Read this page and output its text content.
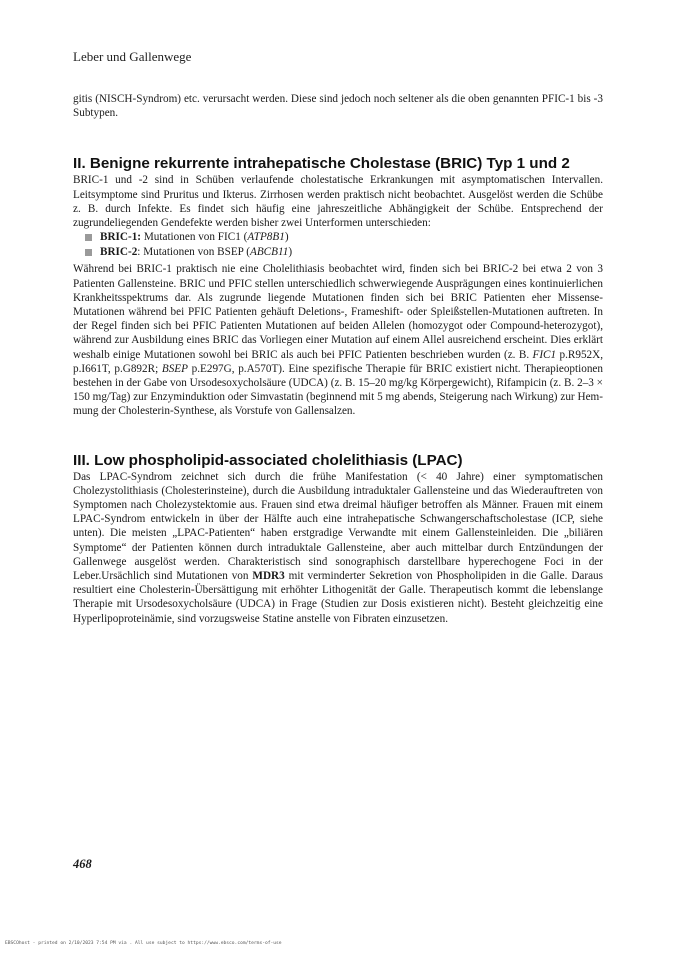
Leber und Gallenwege

gitis (NISCH-Syndrom) etc. verursacht werden. Diese sind jedoch noch seltener als die oben genannten PFIC-1 bis -3 Subtypen.

II. Benigne rekurrente intrahepatische Cholestase (BRIC) Typ 1 und 2

BRIC-1 und -2 sind in Schüben verlaufende cholestatische Erkrankungen mit asymptomatischen Intervallen. Leitsymptome sind Pruritus und Ikterus. Zirrhosen werden praktisch nicht beobachtet. Ausgelöst werden die Schübe z. B. durch Infekte. Es findet sich häufig eine jahreszeitliche Abhängigkeit der Schübe. Entsprechend der zugrundeliegenden Gendefekte werden bisher zwei Unterformen unterschieden:

BRIC-1: Mutationen von FIC1 (ATP8B1)
BRIC-2: Mutationen von BSEP (ABCB11)

Während bei BRIC-1 praktisch nie eine Cholelithiasis beobachtet wird, finden sich bei BRIC-2 bei etwa 2 von 3 Patienten Gallensteine. BRIC und PFIC stellen unterschiedlich schwerwiegende Ausprägungen eines kontinuierlichen Krankheitsspektrums dar. Als zugrunde liegende Mutationen finden sich bei BRIC Patienten eher Missense-Mutationen während bei PFIC Patienten gehäuft Deletions-, Frameshift- oder Spleißstellen-Mutationen auftreten. In der Regel finden sich bei PFIC Patienten Mutationen auf beiden Allelen (homozygot oder Compound-heterozygot), während zur Ausbildung eines BRIC das Vorliegen einer Mutation auf einem Allel ausreichend erscheint. Dies erklärt weshalb einige Mutationen sowohl bei BRIC als auch bei PFIC Patienten beschrieben wurden (z. B. FIC1 p.R952X, p.I661T, p.G892R; BSEP p.E297G, p.A570T). Eine spezifische Therapie für BRIC existiert nicht. Therapieoptionen bestehen in der Gabe von Ursodesoxycholsäure (UDCA) (z. B. 15–20 mg/kg Körpergewicht), Rifampicin (z. B. 2–3 × 150 mg/Tag) zur Enzyminduktion oder Simvastatin (beginnend mit 5 mg abends, Steigerung nach Wirkung) zur Hemmung der Cholesterin-Synthese, als Vorstufe von Gallensalzen.

III. Low phospholipid-associated cholelithiasis (LPAC)

Das LPAC-Syndrom zeichnet sich durch die frühe Manifestation (< 40 Jahre) einer symptomatischen Cholezystolithiasis (Cholesterinsteine), durch die Ausbildung intraduktaler Gallensteine und das Wiederauftreten von Symptomen nach Cholezystektomie aus. Frauen sind etwa dreimal häufiger betroffen als Männer. Frauen mit einem LPAC-Syndrom entwickeln in über der Hälfte auch eine intrahepatische Schwangerschaftscholestase (ICP, siehe unten). Die meisten „LPAC-Patienten“ haben erstgradige Verwandte mit einem Gallensteinleiden. Die „biliären Symptome“ der Patienten können durch intraduktale Gallensteine, aber auch mittelbar durch Entzündungen der Gallenwege ausgelöst werden. Charakteristisch sind sonographisch darstellbare hyperechogene Foci in der Leber.Ursächlich sind Mutationen von MDR3 mit verminderter Sekretion von Phospholipiden in die Galle. Daraus resultiert eine Cholesterin-Übersättigung mit erhöhter Lithogenität der Galle. Therapeutisch kommt die lebenslange Therapie mit Ursodesoxycholsäure (UDCA) in Frage (Studien zur Dosis existieren nicht). Besteht gleichzeitig eine Hyperlipoproteinämie, sind vorzugsweise Statine anstelle von Fibraten einzusetzen.

468
EBSCOhost - printed on 2/10/2023 7:54 PM via . All use subject to https://www.ebsco.com/terms-of-use
